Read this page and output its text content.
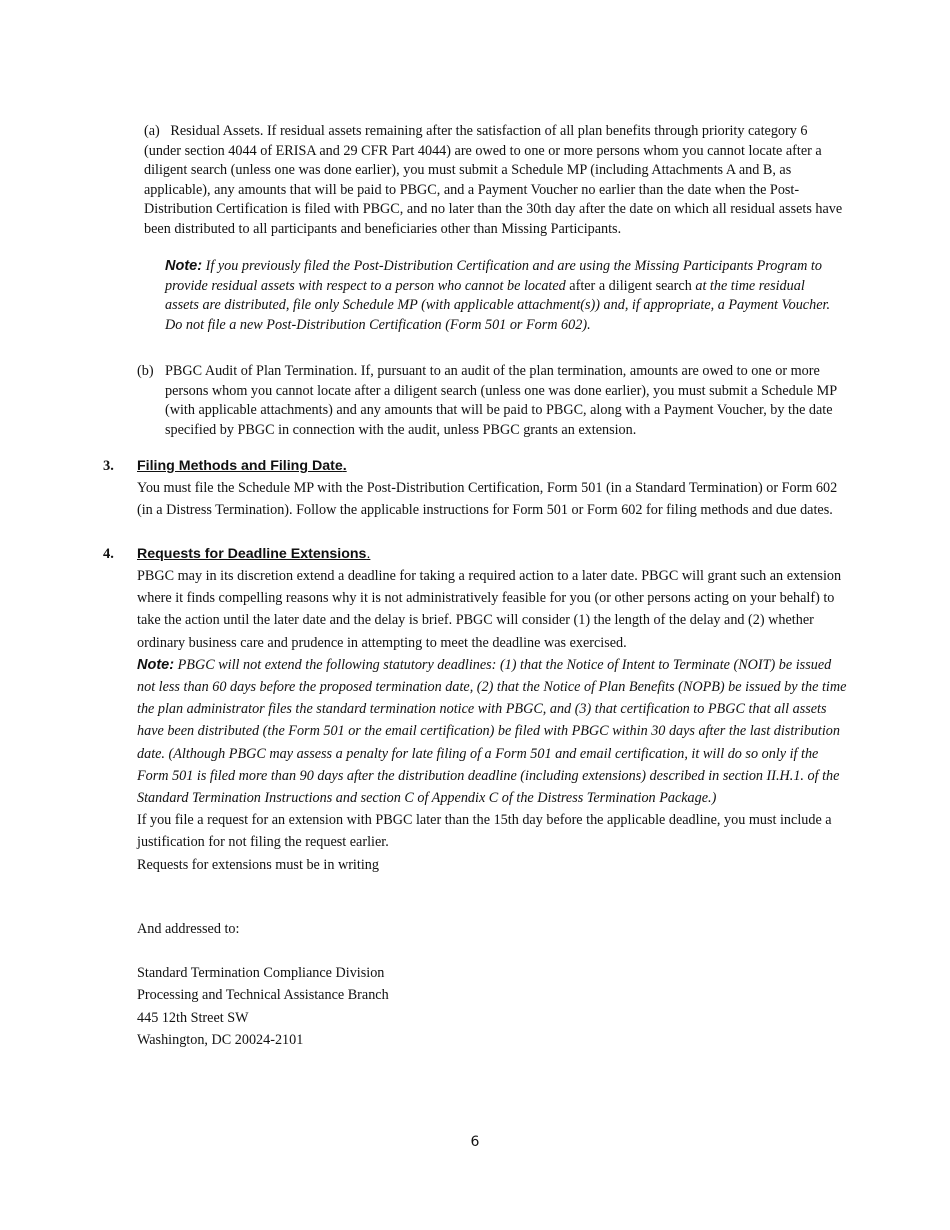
(a) Residual Assets. If residual assets remaining after the satisfaction of all plan benefits through priority category 6 (under section 4044 of ERISA and 29 CFR Part 4044) are owed to one or more persons whom you cannot locate after a diligent search (unless one was done earlier), you must submit a Schedule MP (including Attachments A and B, as applicable), any amounts that will be paid to PBGC, and a Payment Voucher no earlier than the date when the Post-Distribution Certification is filed with PBGC, and no later than the 30th day after the date on which all residual assets have been distributed to all participants and beneficiaries other than Missing Participants.
Note: If you previously filed the Post-Distribution Certification and are using the Missing Participants Program to provide residual assets with respect to a person who cannot be located after a diligent search at the time residual assets are distributed, file only Schedule MP (with applicable attachment(s)) and, if appropriate, a Payment Voucher. Do not file a new Post-Distribution Certification (Form 501 or Form 602).
(b) PBGC Audit of Plan Termination. If, pursuant to an audit of the plan termination, amounts are owed to one or more persons whom you cannot locate after a diligent search (unless one was done earlier), you must submit a Schedule MP (with applicable attachments) and any amounts that will be paid to PBGC, along with a Payment Voucher, by the date specified by PBGC in connection with the audit, unless PBGC grants an extension.
3. Filing Methods and Filing Date.
You must file the Schedule MP with the Post-Distribution Certification, Form 501 (in a Standard Termination) or Form 602 (in a Distress Termination). Follow the applicable instructions for Form 501 or Form 602 for filing methods and due dates.
4. Requests for Deadline Extensions.
PBGC may in its discretion extend a deadline for taking a required action to a later date. PBGC will grant such an extension where it finds compelling reasons why it is not administratively feasible for you (or other persons acting on your behalf) to take the action until the later date and the delay is brief. PBGC will consider (1) the length of the delay and (2) whether ordinary business care and prudence in attempting to meet the deadline was exercised.
Note: PBGC will not extend the following statutory deadlines: (1) that the Notice of Intent to Terminate (NOIT) be issued not less than 60 days before the proposed termination date, (2) that the Notice of Plan Benefits (NOPB) be issued by the time the plan administrator files the standard termination notice with PBGC, and (3) that certification to PBGC that all assets have been distributed (the Form 501 or the email certification) be filed with PBGC within 30 days after the last distribution date. (Although PBGC may assess a penalty for late filing of a Form 501 and email certification, it will do so only if the Form 501 is filed more than 90 days after the distribution deadline (including extensions) described in section II.H.1. of the Standard Termination Instructions and section C of Appendix C of the Distress Termination Package.)
If you file a request for an extension with PBGC later than the 15th day before the applicable deadline, you must include a justification for not filing the request earlier.
Requests for extensions must be in writing
And addressed to:
Standard Termination Compliance Division
Processing and Technical Assistance Branch
445 12th Street SW
Washington, DC 20024-2101
6
